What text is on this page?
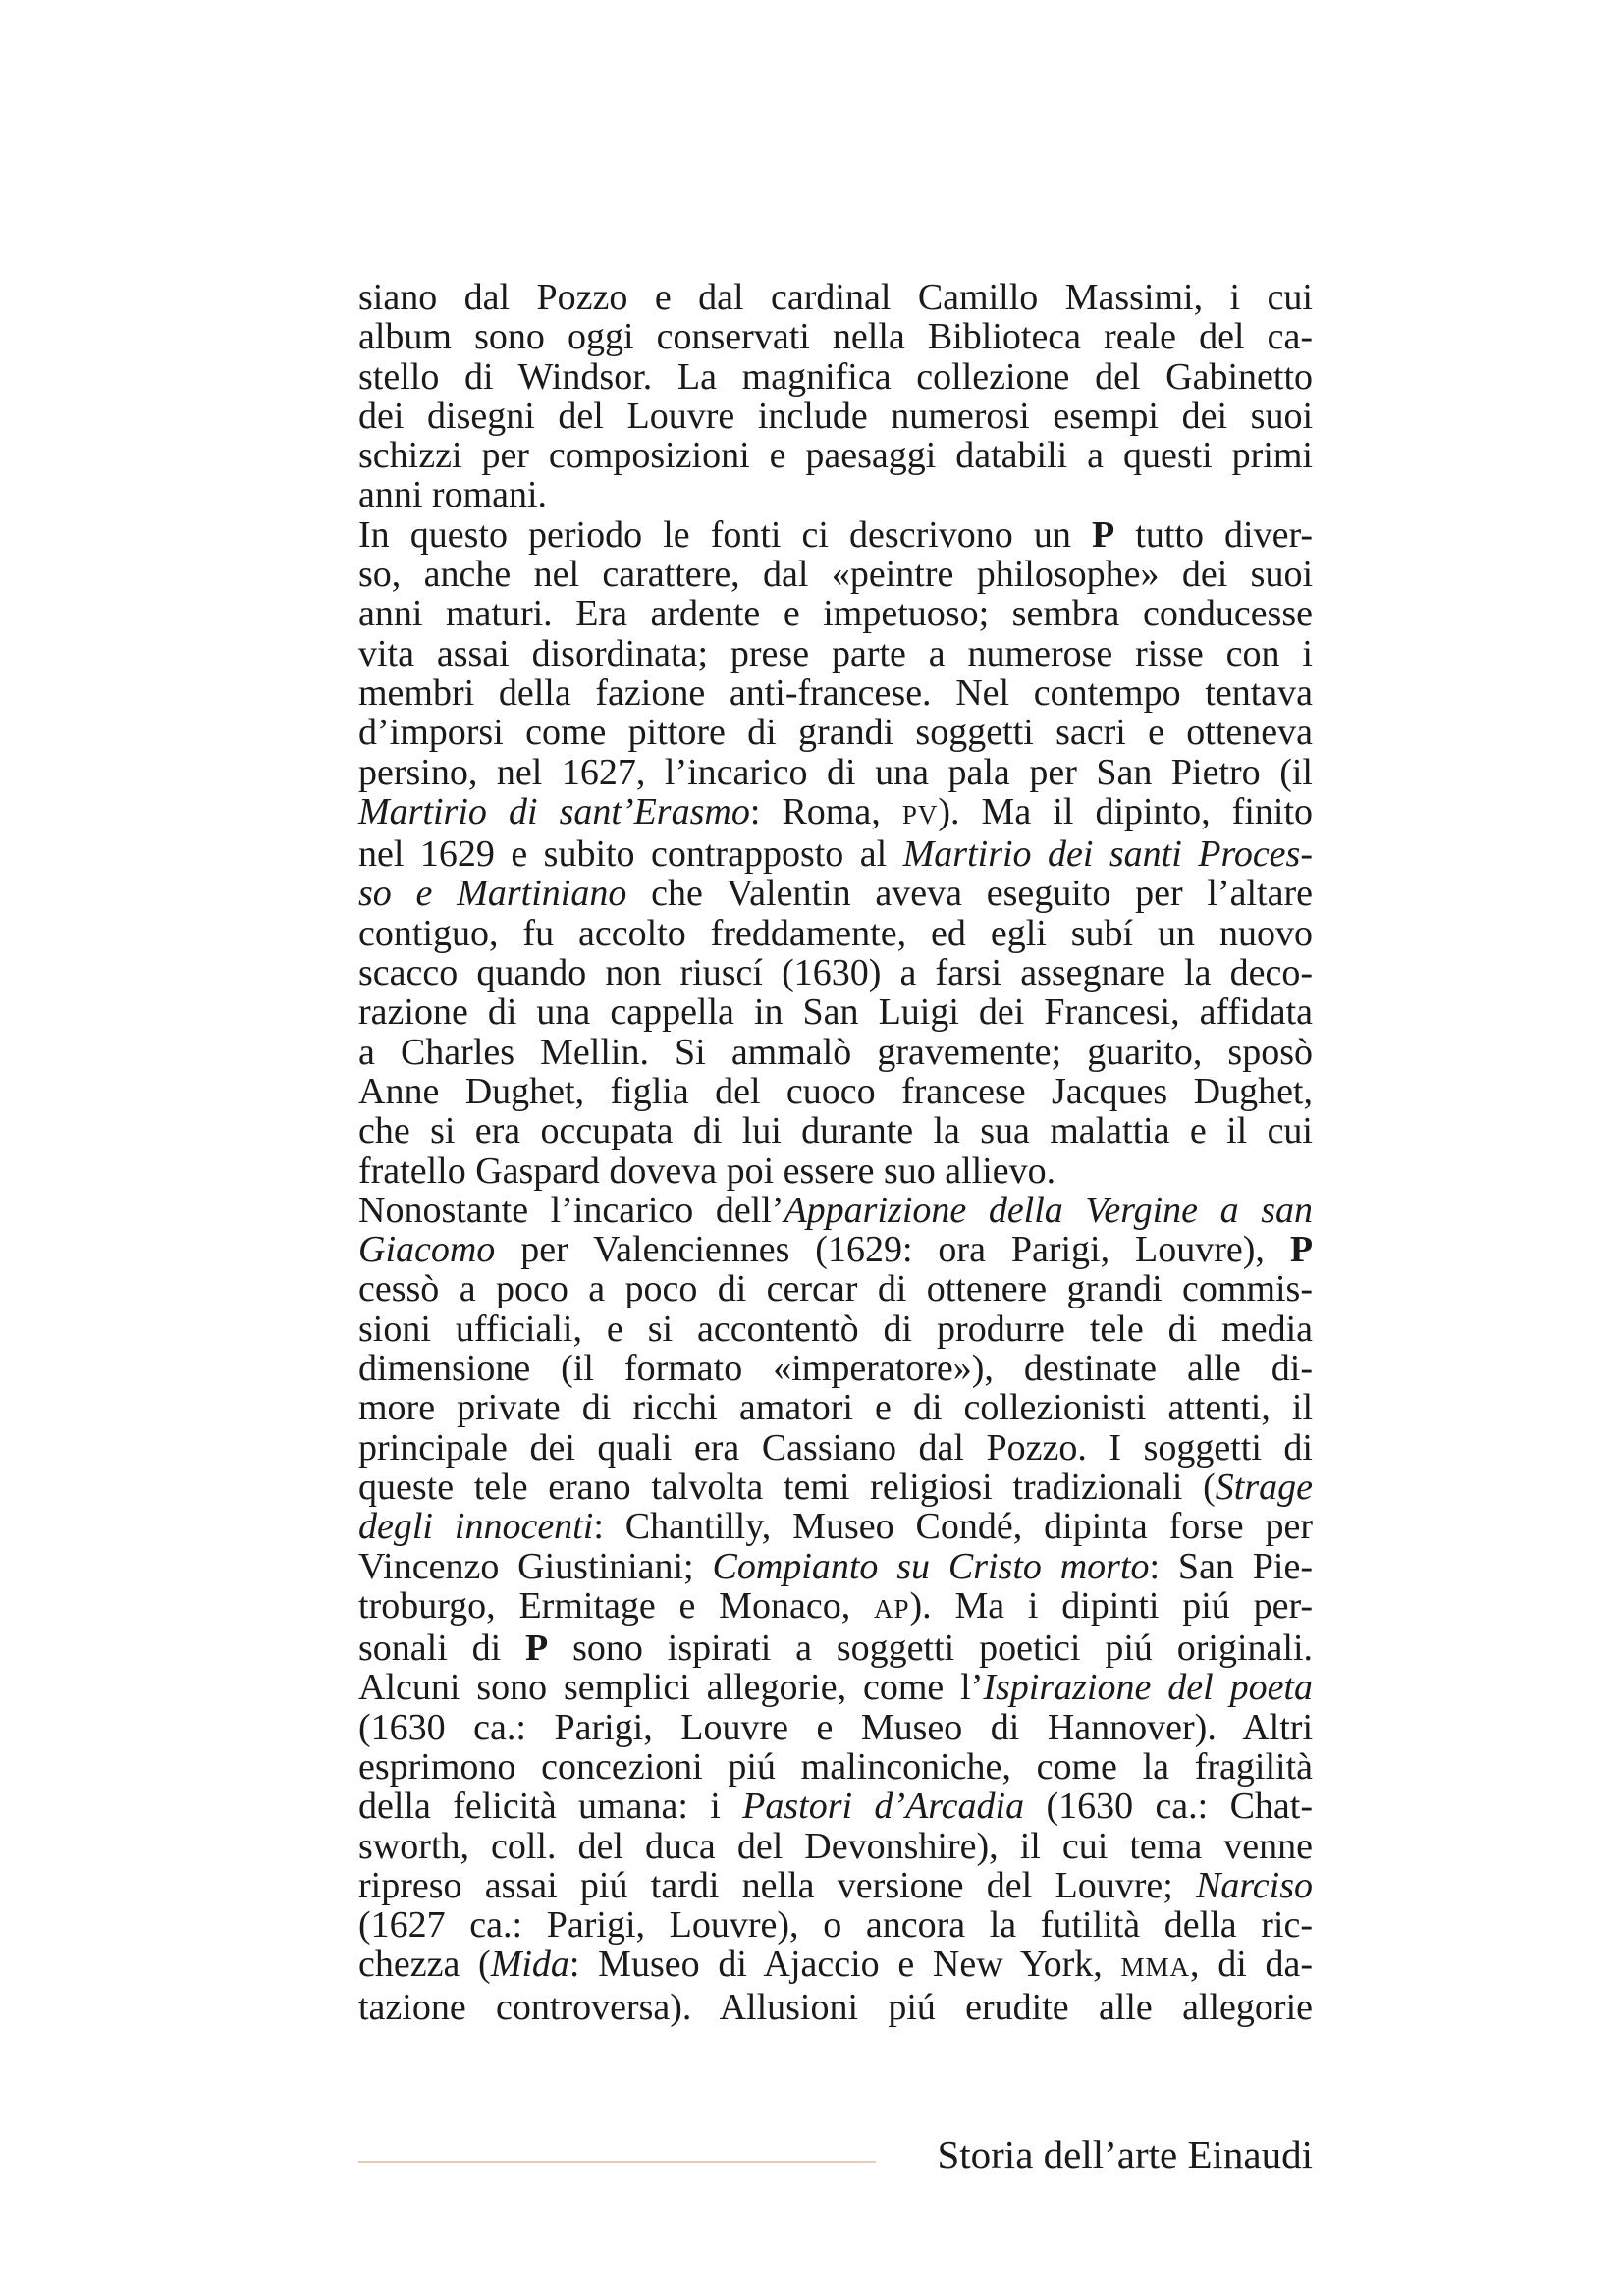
siano dal Pozzo e dal cardinal Camillo Massimi, i cui
album sono oggi conservati nella Biblioteca reale del ca-
stello di Windsor. La magnifica collezione del Gabinetto
dei disegni del Louvre include numerosi esempi dei suoi
schizzi per composizioni e paesaggi databili a questi primi
anni romani.

In questo periodo le fonti ci descrivono un P tutto diver-
so, anche nel carattere, dal «peintre philosophe» dei suoi
anni maturi. Era ardente e impetuoso; sembra conducesse
vita assai disordinata; prese parte a numerose risse con i
membri della fazione anti-francese. Nel contempo tentava
d’imporsi come pittore di grandi soggetti sacri e otteneva
persino, nel 1627, l’incarico di una pala per San Pietro (il
Martirio di sant’Erasmo: Roma, PV). Ma il dipinto, finito
nel 1629 e subito contrapposto al Martirio dei santi Proces-
so e Martiniano che Valentin aveva eseguito per l’altare
contiguo, fu accolto freddamente, ed egli subí un nuovo
scacco quando non riuscí (1630) a farsi assegnare la deco-
razione di una cappella in San Luigi dei Francesi, affidata
a Charles Mellin. Si ammalò gravemente; guarito, sposò
Anne Dughet, figlia del cuoco francese Jacques Dughet,
che si era occupata di lui durante la sua malattia e il cui
fratello Gaspard doveva poi essere suo allievo.

Nonostante l’incarico dell’Apparizione della Vergine a san
Giacomo per Valenciennes (1629: ora Parigi, Louvre), P
cessò a poco a poco di cercar di ottenere grandi commis-
sioni ufficiali, e si accontentò di produrre tele di media
dimensione (il formato «imperatore»), destinate alle di-
more private di ricchi amatori e di collezionisti attenti, il
principale dei quali era Cassiano dal Pozzo. I soggetti di
queste tele erano talvolta temi religiosi tradizionali (Strage
degli innocenti: Chantilly, Museo Condé, dipinta forse per
Vincenzo Giustiniani; Compianto su Cristo morto: San Pie-
troburgo, Ermitage e Monaco, AP). Ma i dipinti piú per-
sonali di P sono ispirati a soggetti poetici piú originali.
Alcuni sono semplici allegorie, come l’Ispirazione del poeta
(1630 ca.: Parigi, Louvre e Museo di Hannover). Altri
esprimono concezioni piú malinconiche, come la fragilità
della felicità umana: i Pastori d’Arcadia (1630 ca.: Chat-
sworth, coll. del duca del Devonshire), il cui tema venne
ripreso assai piú tardi nella versione del Louvre; Narciso
(1627 ca.: Parigi, Louvre), o ancora la futilità della ric-
chezza (Mida: Museo di Ajaccio e New York, MMA, di da-
tazione controversa). Allusioni piú erudite alle allegorie

Storia dell’arte Einaudi
